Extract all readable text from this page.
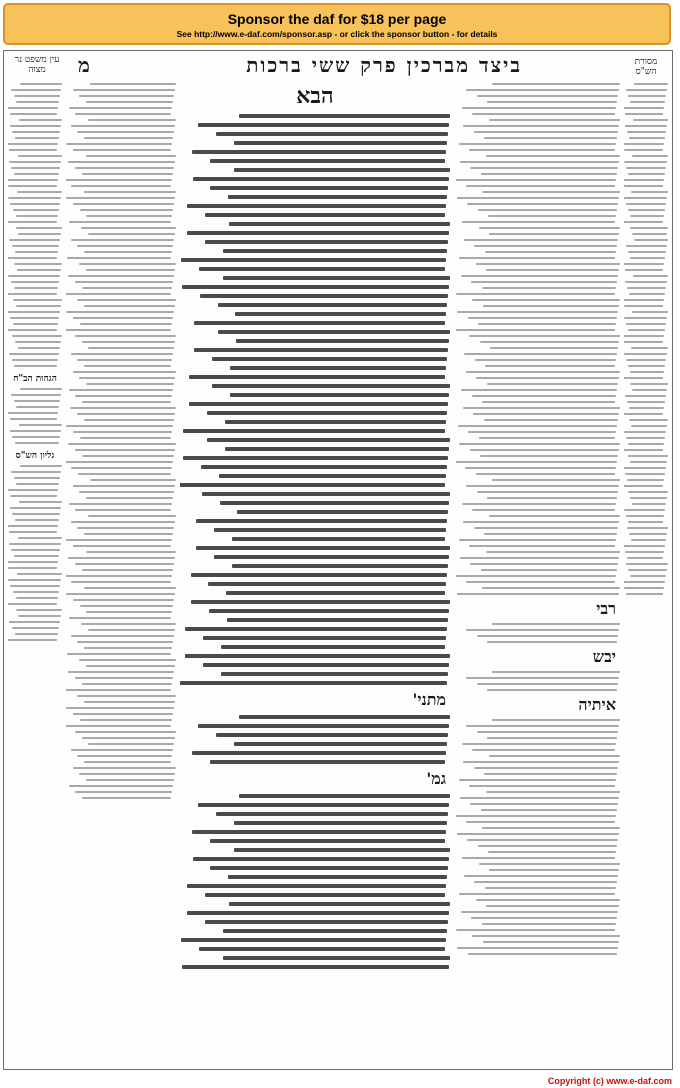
Sponsor the daf for $18 per page
See http://www.e-daf.com/sponsor.asp - or click the sponsor button - for details
מסורת הש"ס
ביצד מברכין פרק ששי ברכות
מ
עין משפט נר מצוה
רבי
יבש
איתיה
הבא
מתני'
גמ'
הגהות הב"ח
גליון הש"ס
Copyright (c) www.e-daf.com
